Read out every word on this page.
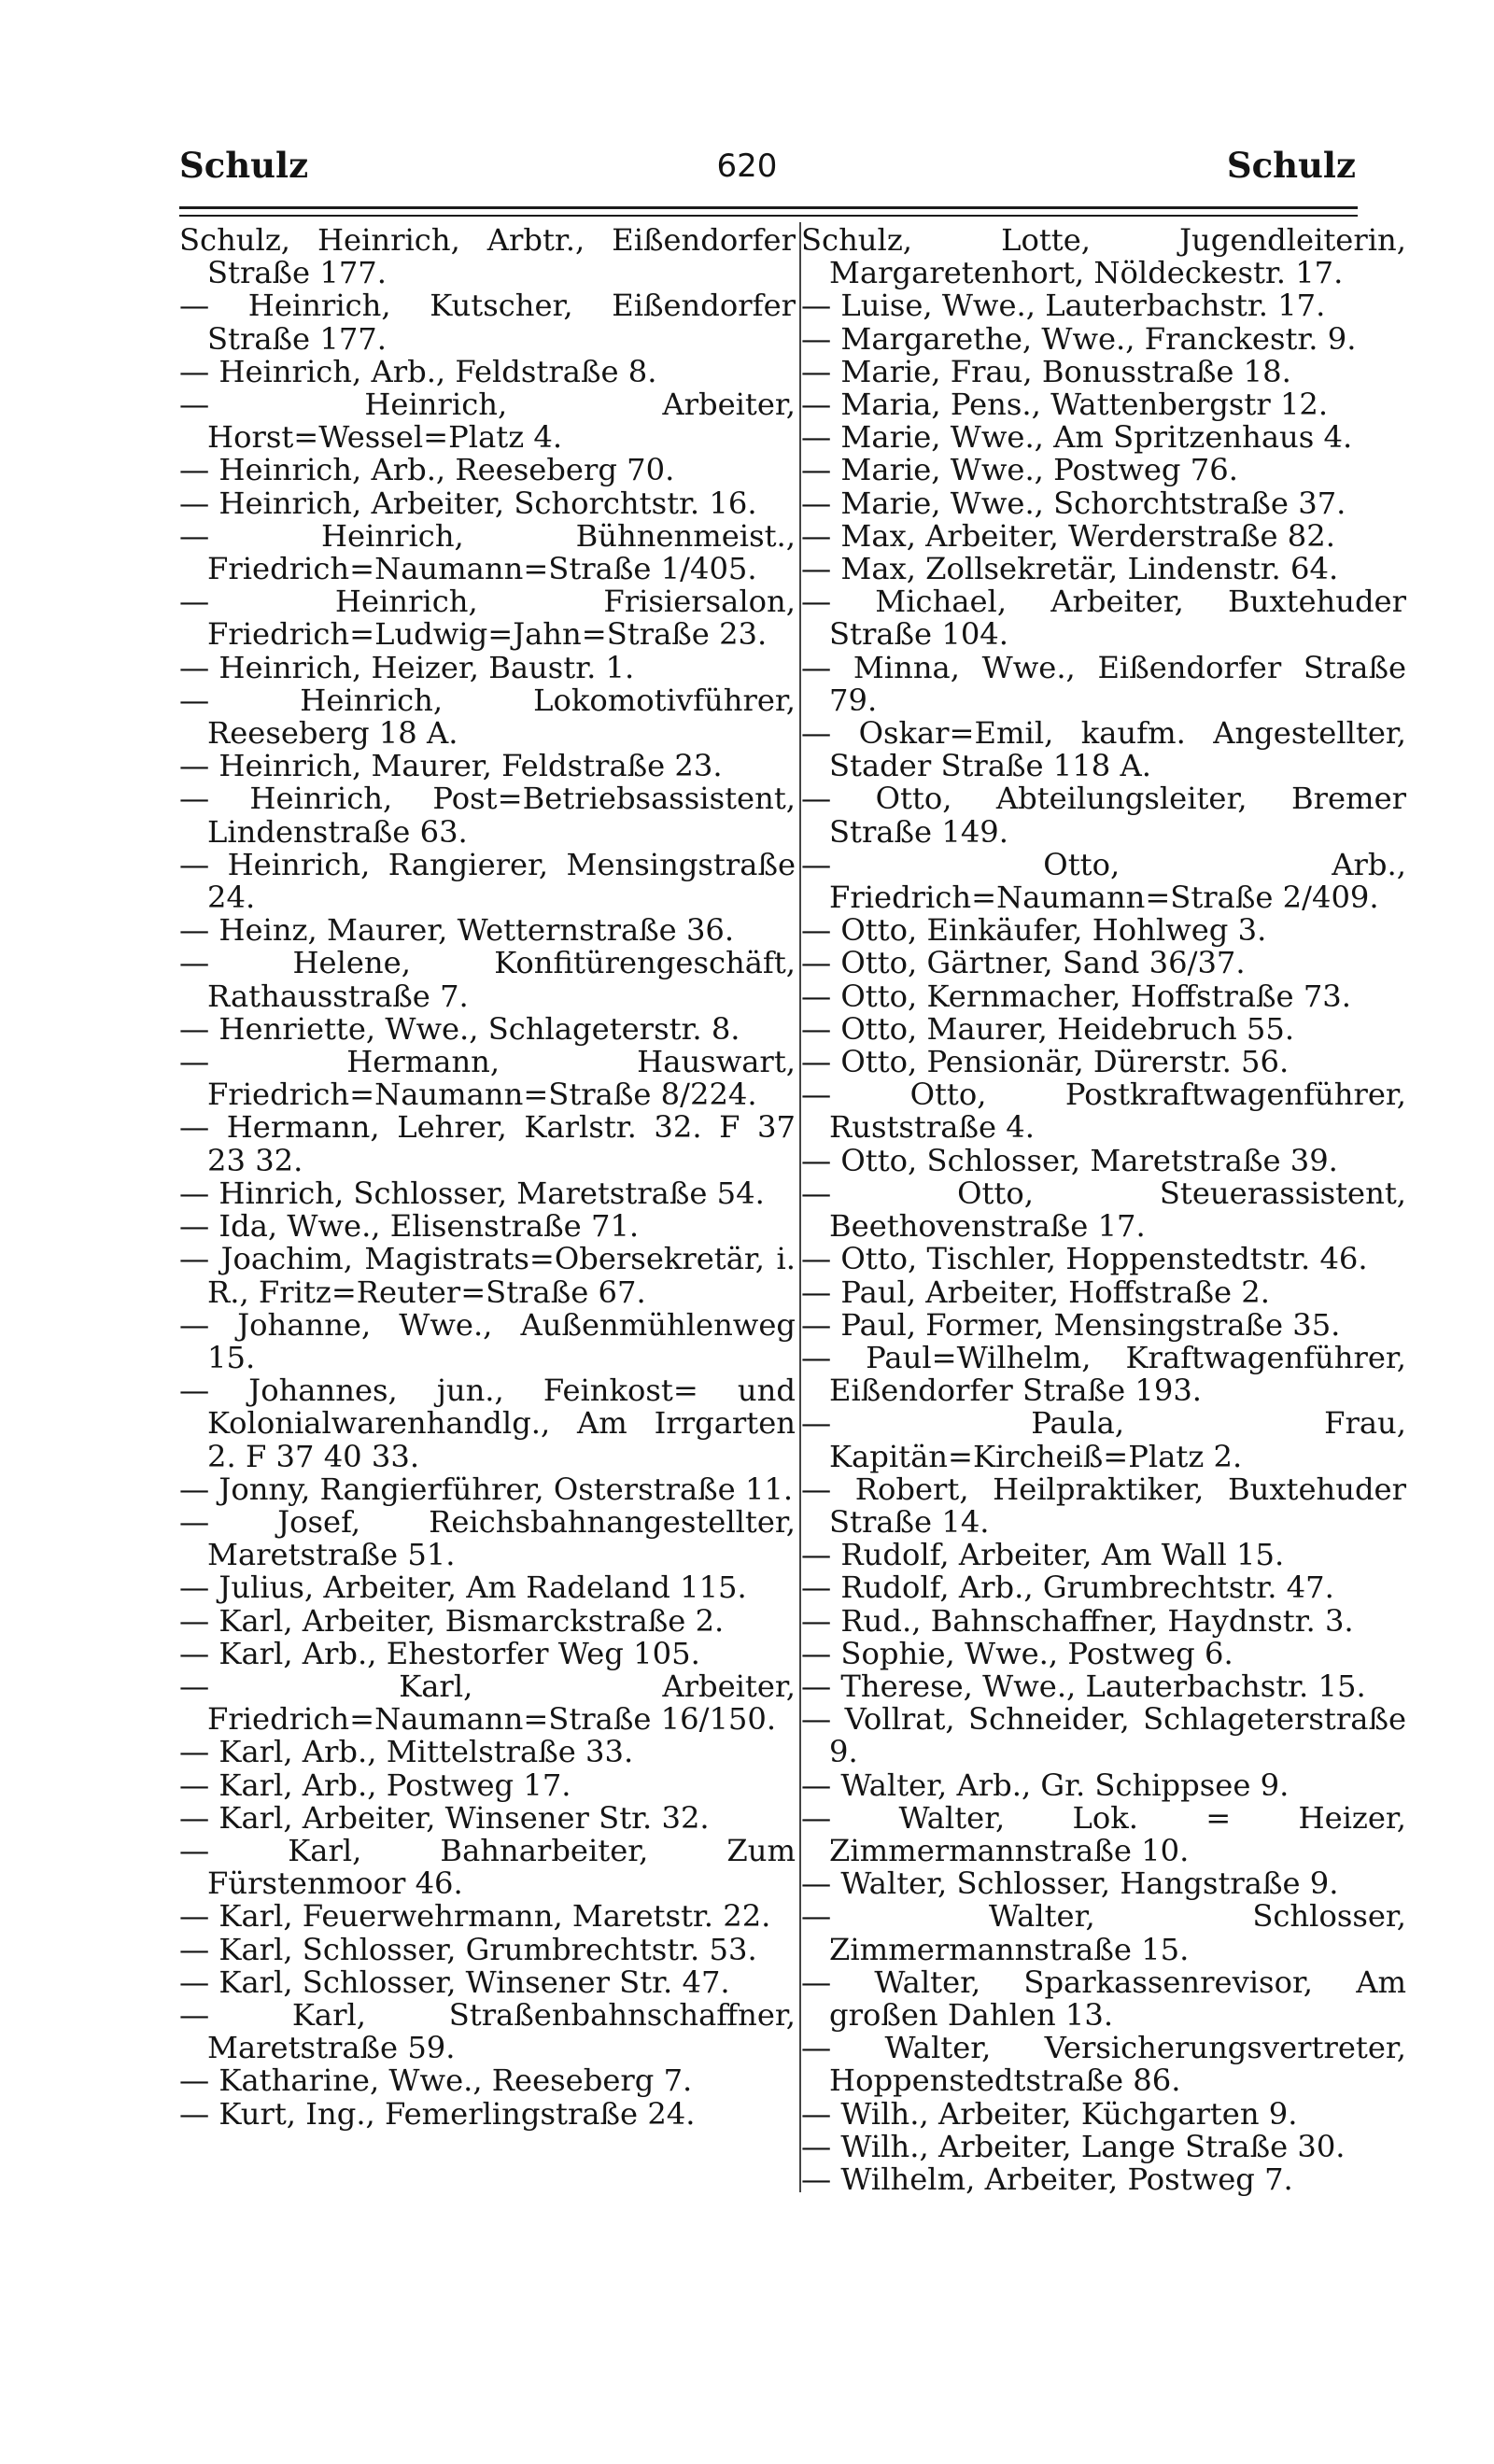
Schulz	620	Schulz

Schulz, Heinrich, Arbtr., Eißendorfer Straße 177.

— Heinrich, Kutscher, Eißendorfer Straße 177.

— Heinrich, Arb., Feldstraße 8.

— Heinrich, Arbeiter, Horst=Wessel=Platz 4.

— Heinrich, Arb., Reeseberg 70.

— Heinrich, Arbeiter, Schorchtstr. 16.

— Heinrich, Bühnenmeist., Friedrich=Naumann=Straße 1/405.

— Heinrich, Frisiersalon, Friedrich=Ludwig=Jahn=Straße 23.

— Heinrich, Heizer, Baustr. 1.

— Heinrich, Lokomotivführer, Reeseberg 18 A.

— Heinrich, Maurer, Feldstraße 23.

— Heinrich, Post=Betriebsassistent, Lindenstraße 63.

— Heinrich, Rangierer, Mensingstraße 24.

— Heinz, Maurer, Wetternstraße 36.

— Helene, Konfitürengeschäft, Rathausstraße 7.

— Henriette, Wwe., Schlageterstr. 8.

— Hermann, Hauswart, Friedrich=Naumann=Straße 8/224.

— Hermann, Lehrer, Karlstr. 32. F 37 23 32.

— Hinrich, Schlosser, Maretstraße 54.

— Ida, Wwe., Elisenstraße 71.

— Joachim, Magistrats=Obersekretär, i. R., Fritz=Reuter=Straße 67.

— Johanne, Wwe., Außenmühlenweg 15.

— Johannes, jun., Feinkost= und Kolonialwarenhandlg., Am Irrgarten 2. F 37 40 33.

— Jonny, Rangierführer, Osterstraße 11.

— Josef, Reichsbahnangestellter, Maretstraße 51.

— Julius, Arbeiter, Am Radeland 115.

— Karl, Arbeiter, Bismarckstraße 2.

— Karl, Arb., Ehestorfer Weg 105.

— Karl, Arbeiter, Friedrich=Naumann=Straße 16/150.

— Karl, Arb., Mittelstraße 33.

— Karl, Arb., Postweg 17.

— Karl, Arbeiter, Winsener Str. 32.

— Karl, Bahnarbeiter, Zum Fürstenmoor 46.

— Karl, Feuerwehrmann, Maretstr. 22.

— Karl, Schlosser, Grumbrechtstr. 53.

— Karl, Schlosser, Winsener Str. 47.

— Karl, Straßenbahnschaffner, Maretstraße 59.

— Katharine, Wwe., Reeseberg 7.

— Kurt, Ing., Femerlingstraße 24.

Schulz, Lotte, Jugendleiterin, Margaretenhort, Nöldeckestr. 17.

— Luise, Wwe., Lauterbachstr. 17.

— Margarethe, Wwe., Franckestr. 9.

— Marie, Frau, Bonusstraße 18.

— Maria, Pens., Wattenbergstr 12.

— Marie, Wwe., Am Spritzenhaus 4.

— Marie, Wwe., Postweg 76.

— Marie, Wwe., Schorchtstraße 37.

— Max, Arbeiter, Werderstraße 82.

— Max, Zollsekretär, Lindenstr. 64.

— Michael, Arbeiter, Buxtehuder Straße 104.

— Minna, Wwe., Eißendorfer Straße 79.

— Oskar=Emil, kaufm. Angestellter, Stader Straße 118 A.

— Otto, Abteilungsleiter, Bremer Straße 149.

— Otto, Arb., Friedrich=Naumann=Straße 2/409.

— Otto, Einkäufer, Hohlweg 3.

— Otto, Gärtner, Sand 36/37.

— Otto, Kernmacher, Hoffstraße 73.

— Otto, Maurer, Heidebruch 55.

— Otto, Pensionär, Dürerstr. 56.

— Otto, Postkraftwagenführer, Ruststraße 4.

— Otto, Schlosser, Maretstraße 39.

— Otto, Steuerassistent, Beethovenstraße 17.

— Otto, Tischler, Hoppenstedtstr. 46.

— Paul, Arbeiter, Hoffstraße 2.

— Paul, Former, Mensingstraße 35.

— Paul=Wilhelm, Kraftwagenführer, Eißendorfer Straße 193.

— Paula, Frau, Kapitän=Kircheiß=Platz 2.

— Robert, Heilpraktiker, Buxtehuder Straße 14.

— Rudolf, Arbeiter, Am Wall 15.

— Rudolf, Arb., Grumbrechtstr. 47.

— Rud., Bahnschaffner, Haydnstr. 3.

— Sophie, Wwe., Postweg 6.

— Therese, Wwe., Lauterbachstr. 15.

— Vollrat, Schneider, Schlageterstraße 9.

— Walter, Arb., Gr. Schippsee 9.

— Walter, Lok. = Heizer, Zimmermannstraße 10.

— Walter, Schlosser, Hangstraße 9.

— Walter, Schlosser, Zimmermannstraße 15.

— Walter, Sparkassenrevisor, Am großen Dahlen 13.

— Walter, Versicherungsvertreter, Hoppenstedtstraße 86.

— Wilh., Arbeiter, Küchgarten 9.

— Wilh., Arbeiter, Lange Straße 30.

— Wilhelm, Arbeiter, Postweg 7.
